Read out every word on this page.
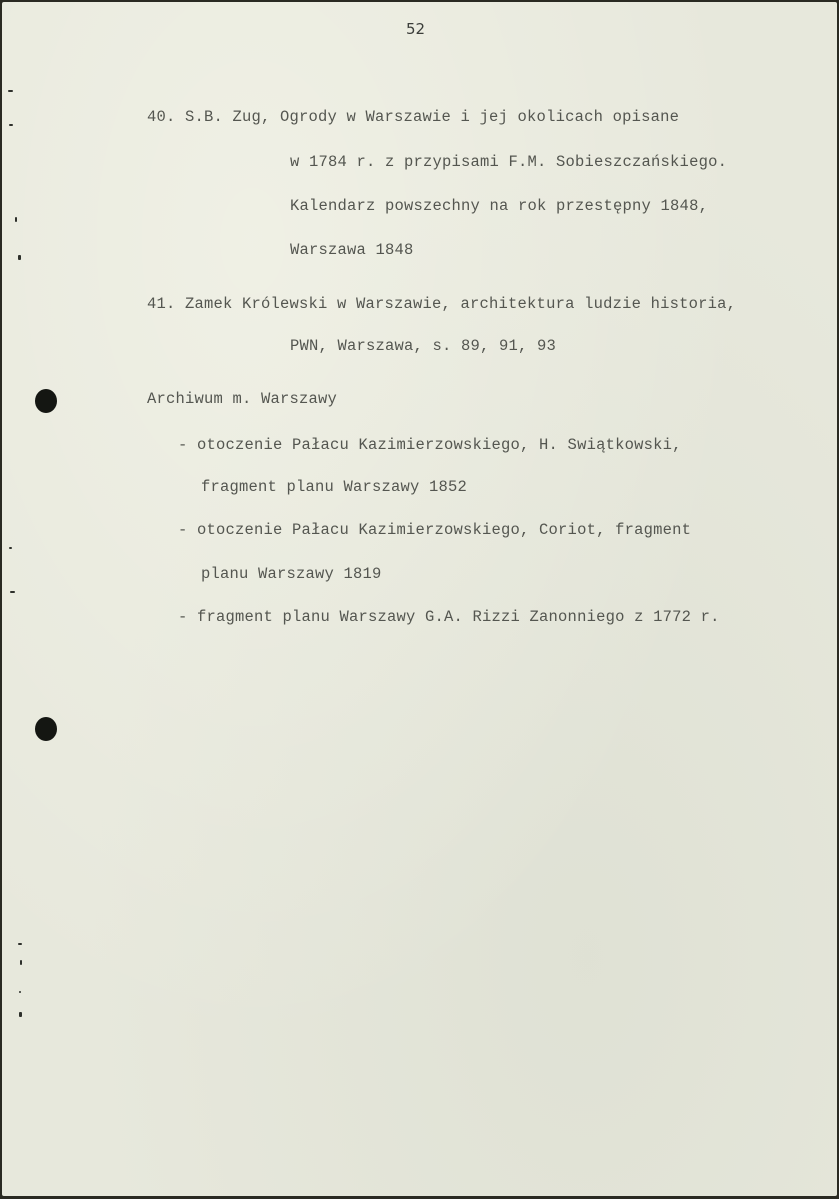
52
40. S.B. Zug, Ogrody w Warszawie i jej okolicach opisane
w 1784 r. z przypisami F.M. Sobieszczańskiego.
Kalendarz powszechny na rok przestępny 1848,
Warszawa 1848
41. Zamek Królewski w Warszawie, architektura ludzie historia,
PWN, Warszawa, s. 89, 91, 93
Archiwum m. Warszawy
- otoczenie Pałacu Kazimierzowskiego, H. Swiątkowski,
fragment planu Warszawy 1852
- otoczenie Pałacu Kazimierzowskiego, Coriot, fragment
planu Warszawy 1819
- fragment planu Warszawy G.A. Rizzi Zanonniego z 1772 r.
